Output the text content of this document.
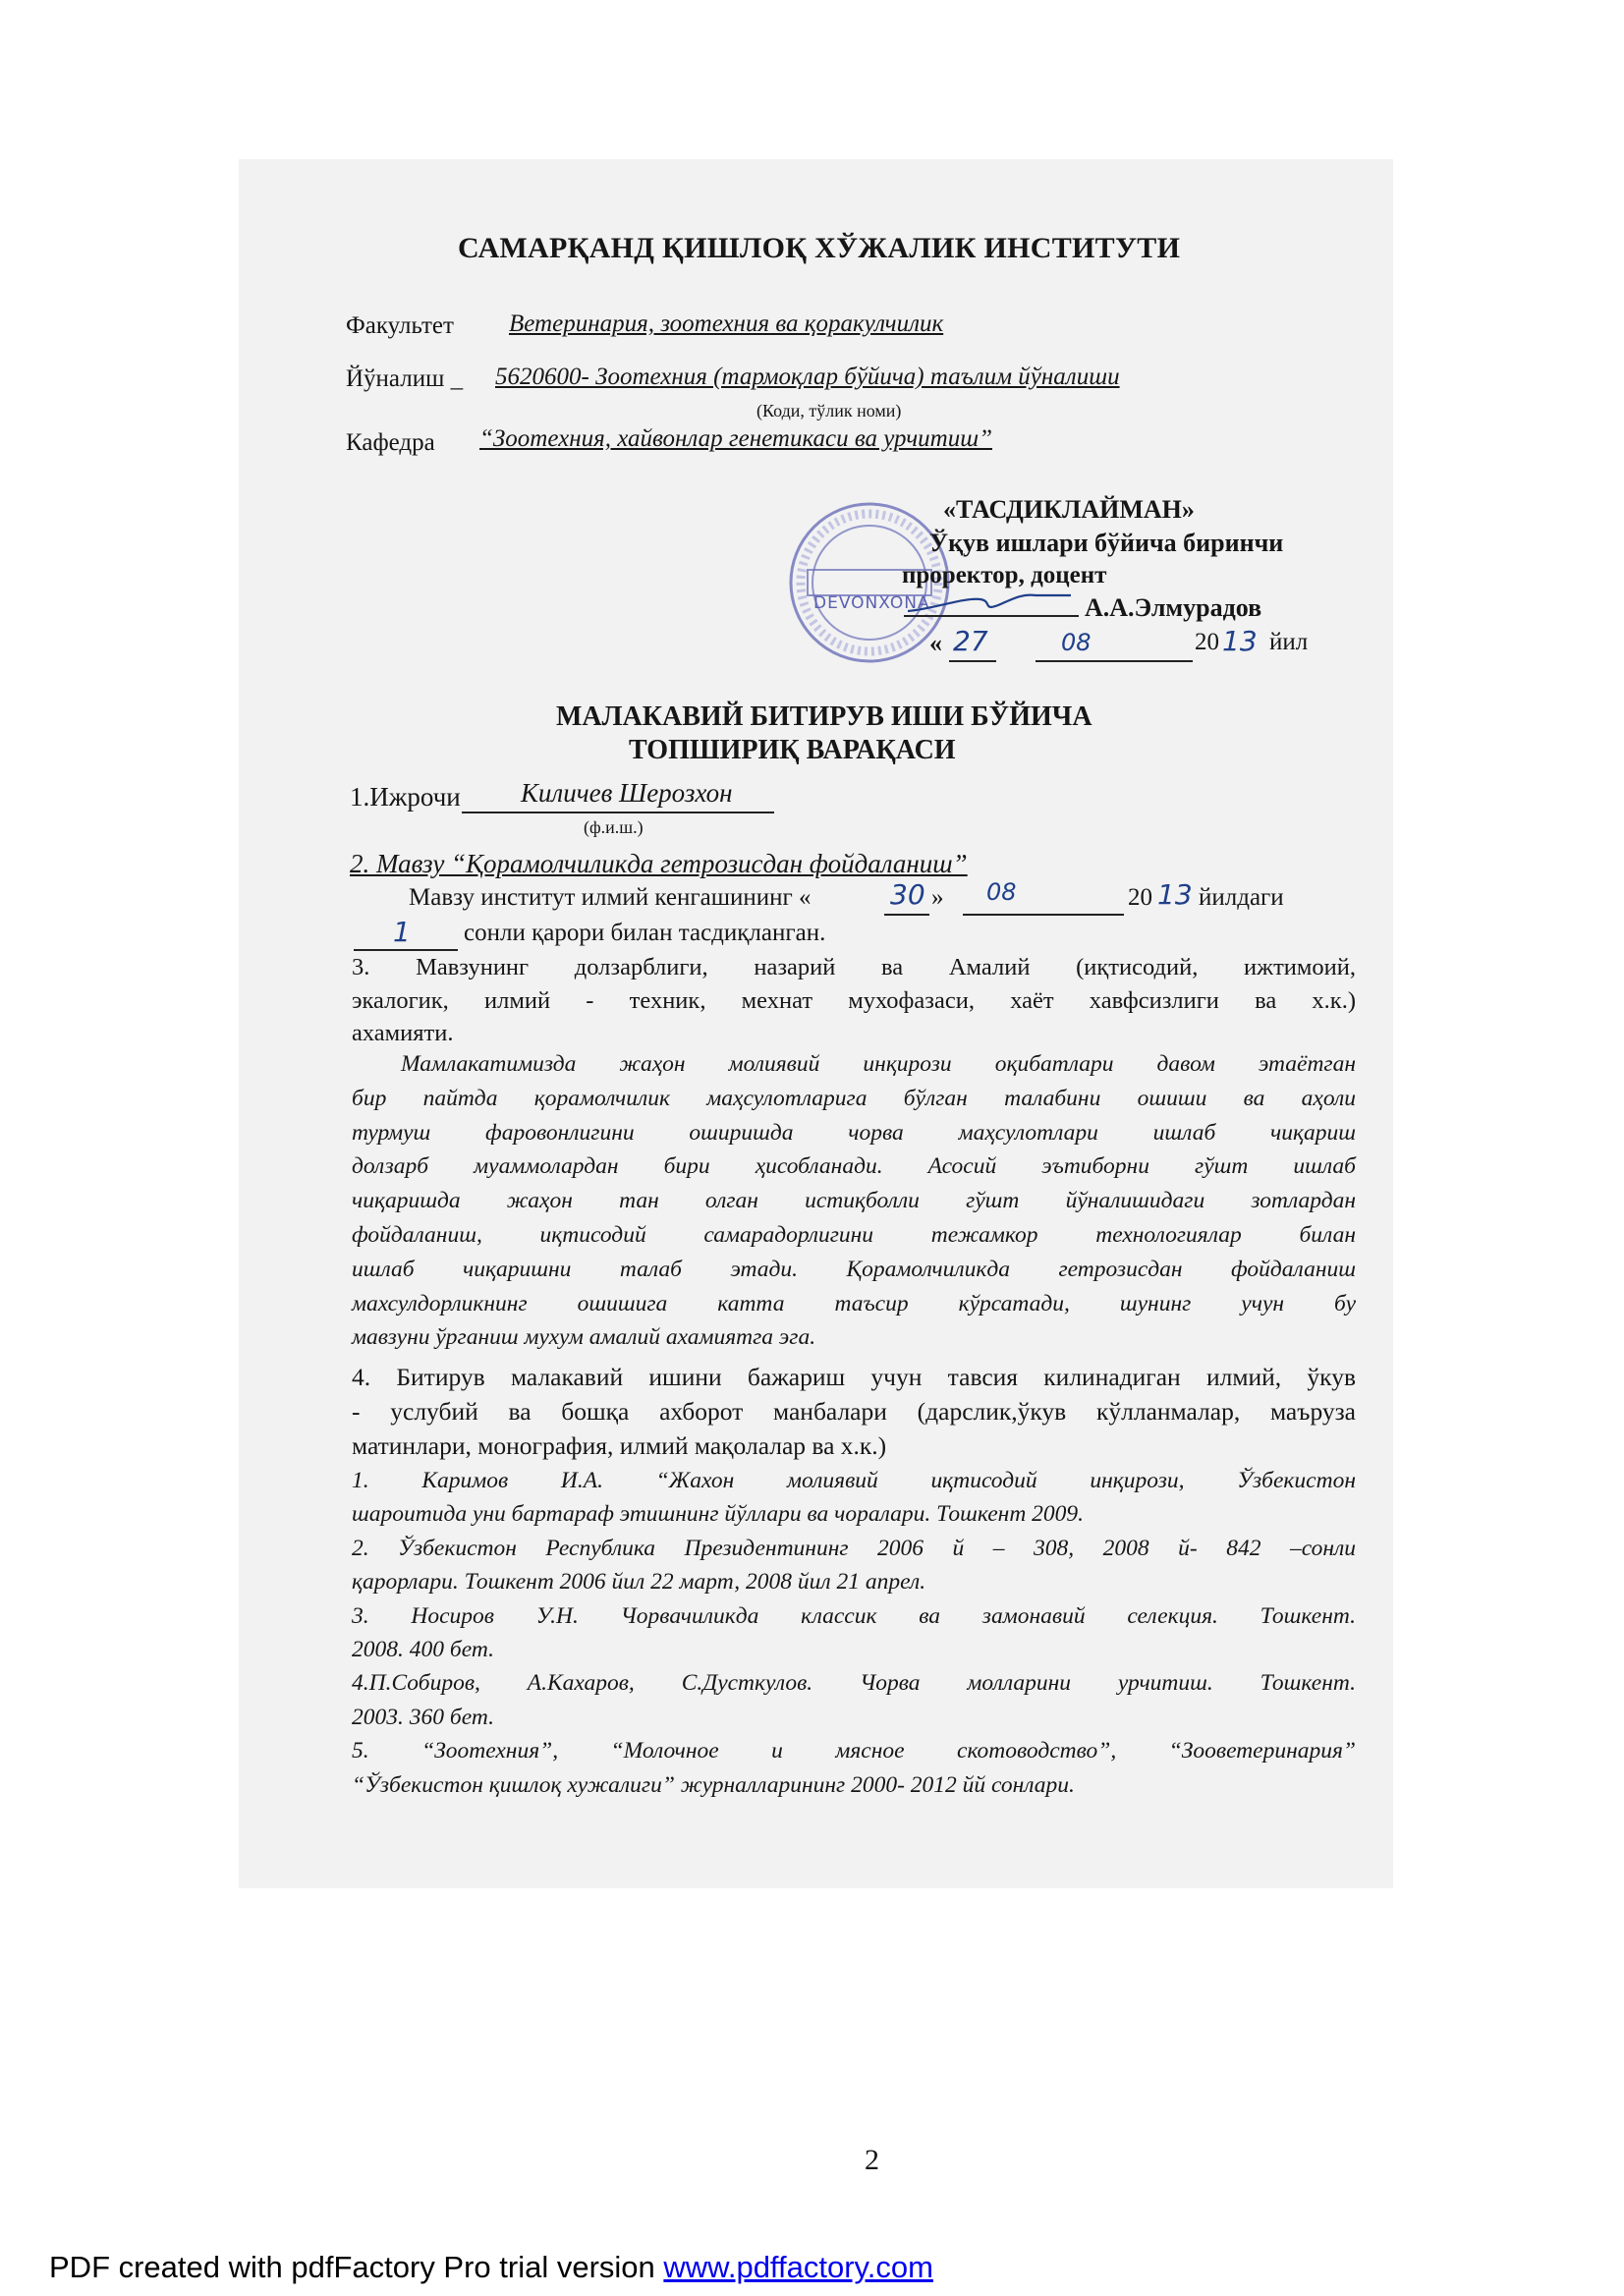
САМАРҚАНД ҚИШЛОҚ ХЎЖАЛИК ИНСТИТУТИ
Факультет Ветеринария, зоотехния ва қоракулчилик
Йўналиш _ 5620600- Зоотехния (тармоқлар бўйича) таълим йўналиши
(Коди, тўлик номи)
Кафедра “Зоотехния, хайвонлар генетикаси ва урчитиш”
DEVONXONA
«ТАСДИКЛАЙМАН»
Ўқув ишлари бўйича биринчи
проректор, доцент
А.А.Элмурадов
« 27	08	20 13 йил
МАЛАКАВИЙ БИТИРУВ ИШИ БЎЙИЧА
ТОПШИРИҚ ВАРАҚАСИ
1.Ижрочи Киличев Шерозхон
(ф.и.ш.)
2. Мавзу “Қорамолчиликда гетрозисдан фойдаланиш”
Мавзу институт илмий кенгашининг «	30 » 08	20 13 йилдаги
1 сонли қарори билан тасдиқланган.
3. Мавзунинг долзарблиги, назарий ва Амалий (иқтисодий, ижтимоий,
экалогик, илмий - техник, мехнат мухофазаси, хаёт хавфсизлиги ва х.к.)
ахамияти.
Мамлакатимизда жаҳон молиявий инқирози оқибатлари давом этаётган
бир пайтда қорамолчилик маҳсулотларига бўлган талабини ошиши ва аҳоли
турмуш фаровонлигини оширишда чорва маҳсулотлари ишлаб чиқариш
долзарб муаммолардан бири ҳисобланади. Асосий эътиборни гўшт ишлаб
чиқаришда жаҳон тан олган истиқболли гўшт йўналишидаги зотлардан
фойдаланиш, иқтисодий самарадорлигини тежамкор технологиялар билан
ишлаб чиқаришни талаб этади. Қорамолчиликда гетрозисдан фойдаланиш
махсулдорликнинг ошишига катта таъсир кўрсатади, шунинг учун бу
мавзуни ўрганиш мухум амалий ахамиятга эга.
4. Битирув малакавий ишини бажариш учун тавсия килинадиган илмий, ўкув
- услубий ва бошқа ахборот манбалари (дарслик,ўкув кўлланмалар, маъруза
матинлари, монография, илмий мақолалар ва х.к.)
1. Каримов И.А. “Жахон молиявий иқтисодий инқирози, Ўзбекистон
шароитида уни бартараф этишнинг йўллари ва чоралари. Тошкент 2009.
2. Ўзбекистон Республика Президентининг 2006 й – 308, 2008 й- 842 –сонли
қарорлари. Тошкент 2006 йил 22 март, 2008 йил 21 апрел.
3. Носиров У.Н. Чорвачиликда классик ва замонавий селекция. Тошкент.
2008. 400 бет.
4.П.Собиров, А.Кахаров, С.Дусткулов. Чорва молларини урчитиш. Тошкент.
2003. 360 бет.
5. “Зоотехния”, “Молочное и мясное скотоводство”, “Зооветеринария”
“Ўзбекистон қишлоқ хужалиги” журналларининг 2000- 2012 йй сонлари.
2
PDF created with pdfFactory Pro trial version www.pdffactory.com
